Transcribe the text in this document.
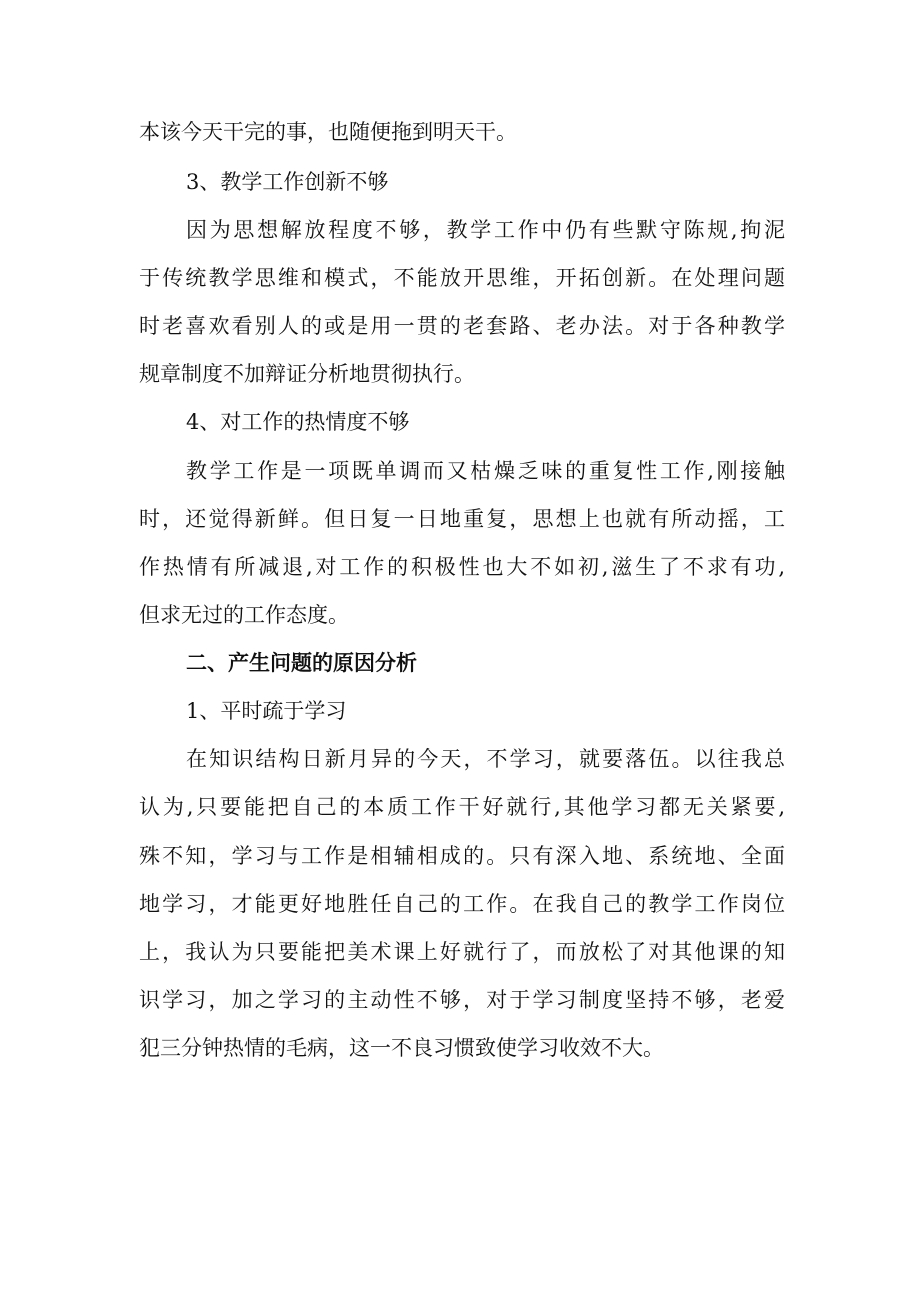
本该今天干完的事，也随便拖到明天干。
3、教学工作创新不够
因为思想解放程度不够，教学工作中仍有些默守陈规,拘泥
于传统教学思维和模式，不能放开思维，开拓创新。在处理问题
时老喜欢看别人的或是用一贯的老套路、老办法。对于各种教学
规章制度不加辩证分析地贯彻执行。
4、对工作的热情度不够
教学工作是一项既单调而又枯燥乏味的重复性工作,刚接触
时，还觉得新鲜。但日复一日地重复，思想上也就有所动摇，工
作热情有所减退,对工作的积极性也大不如初,滋生了不求有功,
但求无过的工作态度。
二、产生问题的原因分析
1、平时疏于学习
在知识结构日新月异的今天，不学习，就要落伍。以往我总
认为,只要能把自己的本质工作干好就行,其他学习都无关紧要,
殊不知，学习与工作是相辅相成的。只有深入地、系统地、全面
地学习，才能更好地胜任自己的工作。在我自己的教学工作岗位
上，我认为只要能把美术课上好就行了，而放松了对其他课的知
识学习，加之学习的主动性不够，对于学习制度坚持不够，老爱
犯三分钟热情的毛病，这一不良习惯致使学习收效不大。
